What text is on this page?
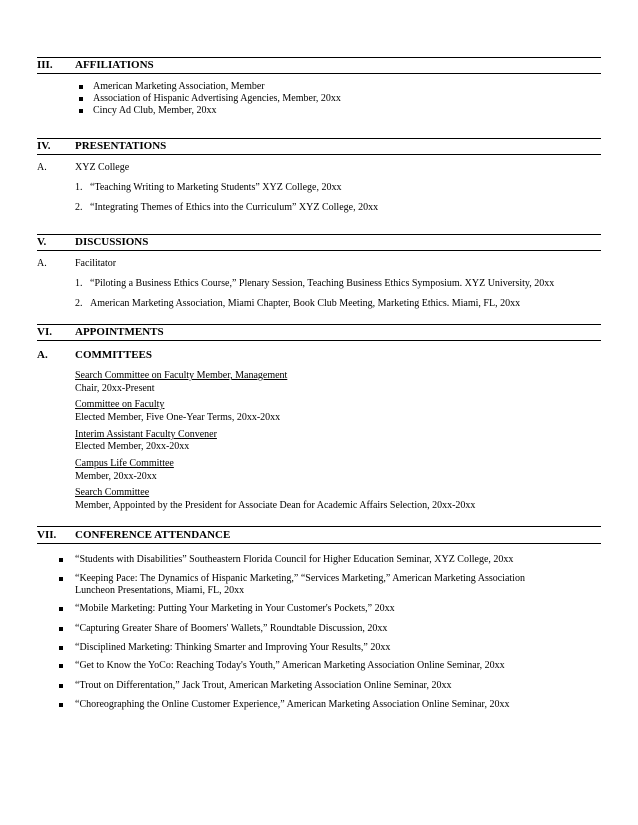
III. AFFILIATIONS
American Marketing Association, Member
Association of Hispanic Advertising Agencies, Member, 20xx
Cincy Ad Club, Member, 20xx
IV. PRESENTATIONS
A.	XYZ College
1. “Teaching Writing to Marketing Students” XYZ College, 20xx
2. “Integrating Themes of Ethics into the Curriculum” XYZ College, 20xx
V.	DISCUSSIONS
A.	Facilitator
1. “Piloting a Business Ethics Course,” Plenary Session, Teaching Business Ethics Symposium. XYZ University, 20xx
2. American Marketing Association, Miami Chapter, Book Club Meeting, Marketing Ethics. Miami, FL, 20xx
VI. APPOINTMENTS
A. COMMITTEES
Search Committee on Faculty Member, Management
Chair, 20xx-Present
Committee on Faculty
Elected Member, Five One-Year Terms, 20xx-20xx
Interim Assistant Faculty Convener
Elected Member, 20xx-20xx
Campus Life Committee
Member, 20xx-20xx
Search Committee
Member, Appointed by the President for Associate Dean for Academic Affairs Selection, 20xx-20xx
VII. CONFERENCE ATTENDANCE
“Students with Disabilities” Southeastern Florida Council for Higher Education Seminar, XYZ College, 20xx
“Keeping Pace: The Dynamics of Hispanic Marketing,” “Services Marketing,” American Marketing Association
Luncheon Presentations, Miami, FL, 20xx
“Mobile Marketing: Putting Your Marketing in Your Customer's Pockets,” 20xx
“Capturing Greater Share of Boomers' Wallets,” Roundtable Discussion, 20xx
“Disciplined Marketing: Thinking Smarter and Improving Your Results,” 20xx
“Get to Know the YoCo: Reaching Today's Youth,” American Marketing Association Online Seminar, 20xx
“Trout on Differentation,” Jack Trout, American Marketing Association Online Seminar, 20xx
“Choreographing the Online Customer Experience,” American Marketing Association Online Seminar, 20xx
